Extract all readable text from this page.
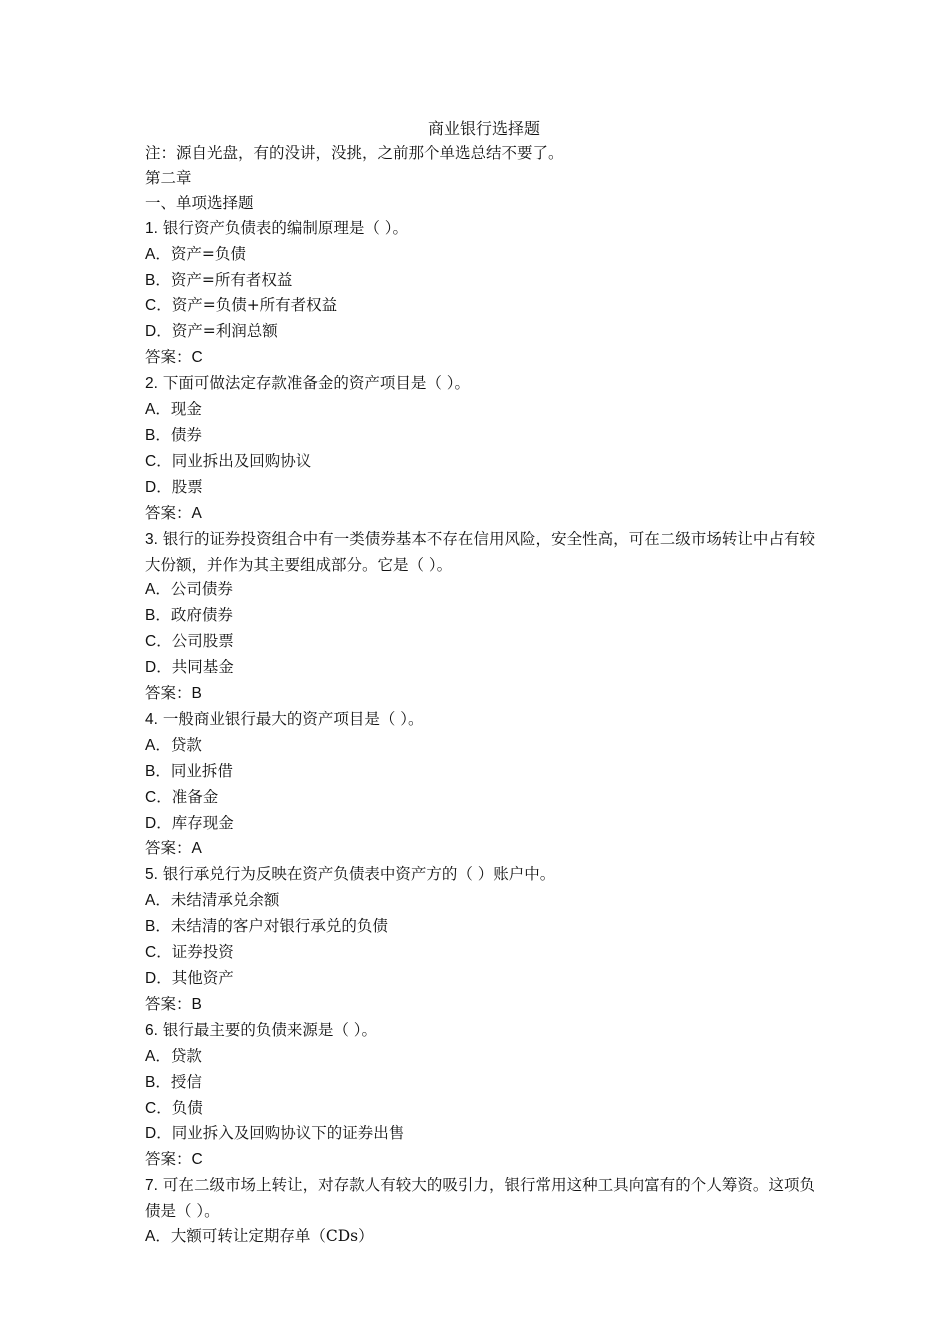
商业银行选择题

注：源自光盘，有的没讲，没挑，之前那个单选总结不要了。

第二章

一、单项选择题

1. 银行资产负债表的编制原理是（ ）。

A．资产=负债

B．资产=所有者权益

C．资产=负债+所有者权益

D．资产=利润总额

答案：C

2. 下面可做法定存款准备金的资产项目是（ ）。

A．现金

B．债券

C．同业拆出及回购协议

D．股票

答案：A

3. 银行的证券投资组合中有一类债券基本不存在信用风险，安全性高，可在二级市场转让中占有较大份额，并作为其主要组成部分。它是（ ）。

A．公司债券

B．政府债券

C．公司股票

D．共同基金

答案：B

4. 一般商业银行最大的资产项目是（ ）。

A．贷款

B．同业拆借

C．准备金

D．库存现金

答案：A

5. 银行承兑行为反映在资产负债表中资产方的（ ）账户中。

A．未结清承兑余额

B．未结清的客户对银行承兑的负债

C．证券投资

D．其他资产

答案：B

6. 银行最主要的负债来源是（ ）。

A．贷款

B．授信

C．负债

D．同业拆入及回购协议下的证券出售

答案：C

7. 可在二级市场上转让，对存款人有较大的吸引力，银行常用这种工具向富有的个人筹资。这项负债是（ ）。

A．大额可转让定期存单（CDs）
